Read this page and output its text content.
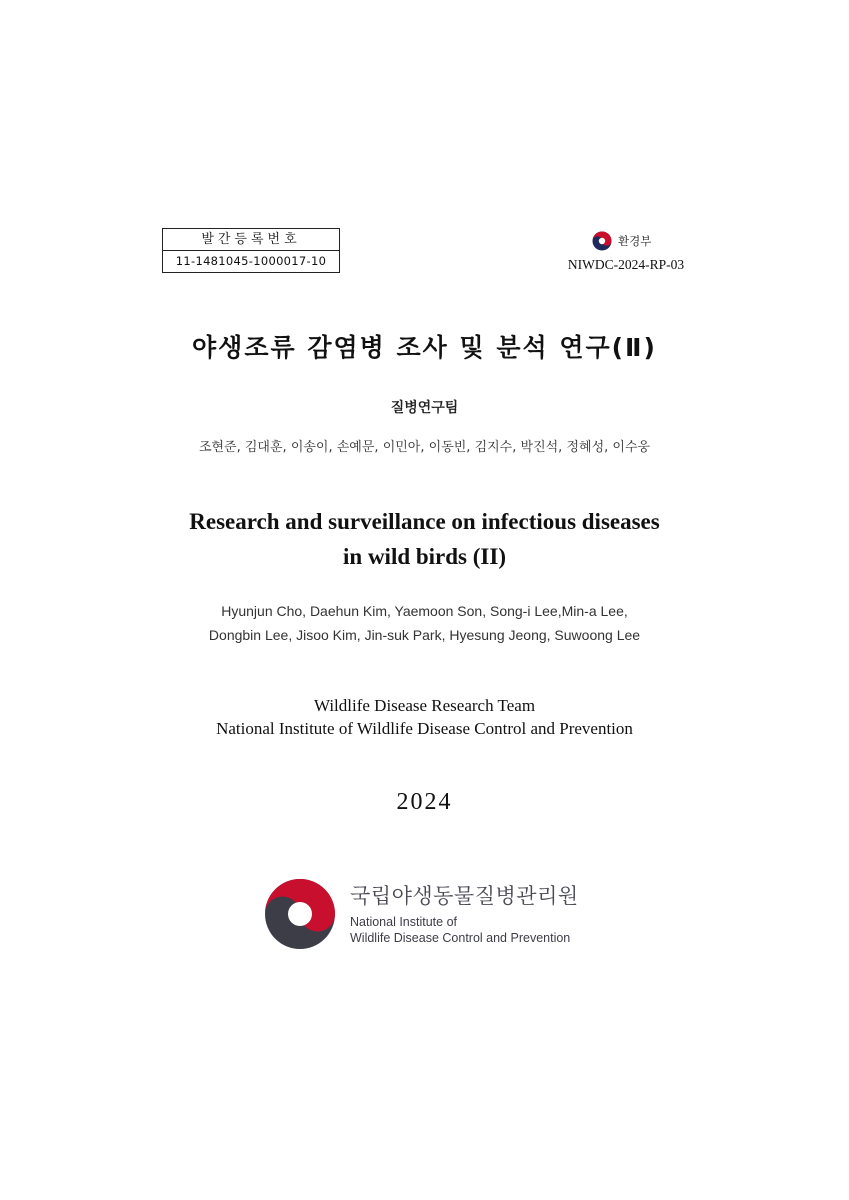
발간등록번호
11-1481045-1000017-10
환경부
NIWDC-2024-RP-03
야생조류 감염병 조사 및 분석 연구(Ⅱ)
질병연구팀
조현준, 김대훈, 이송이, 손예문, 이민아, 이동빈, 김지수, 박진석, 정혜성, 이수웅
Research and surveillance on infectious diseases
in wild birds (II)
Hyunjun Cho, Daehun Kim, Yaemoon Son, Song-i Lee,Min-a Lee,
Dongbin Lee, Jisoo Kim, Jin-suk Park, Hyesung Jeong, Suwoong Lee
Wildlife Disease Research Team
National Institute of Wildlife Disease Control and Prevention
2024
국립야생동물질병관리원
National Institute of
Wildlife Disease Control and Prevention
